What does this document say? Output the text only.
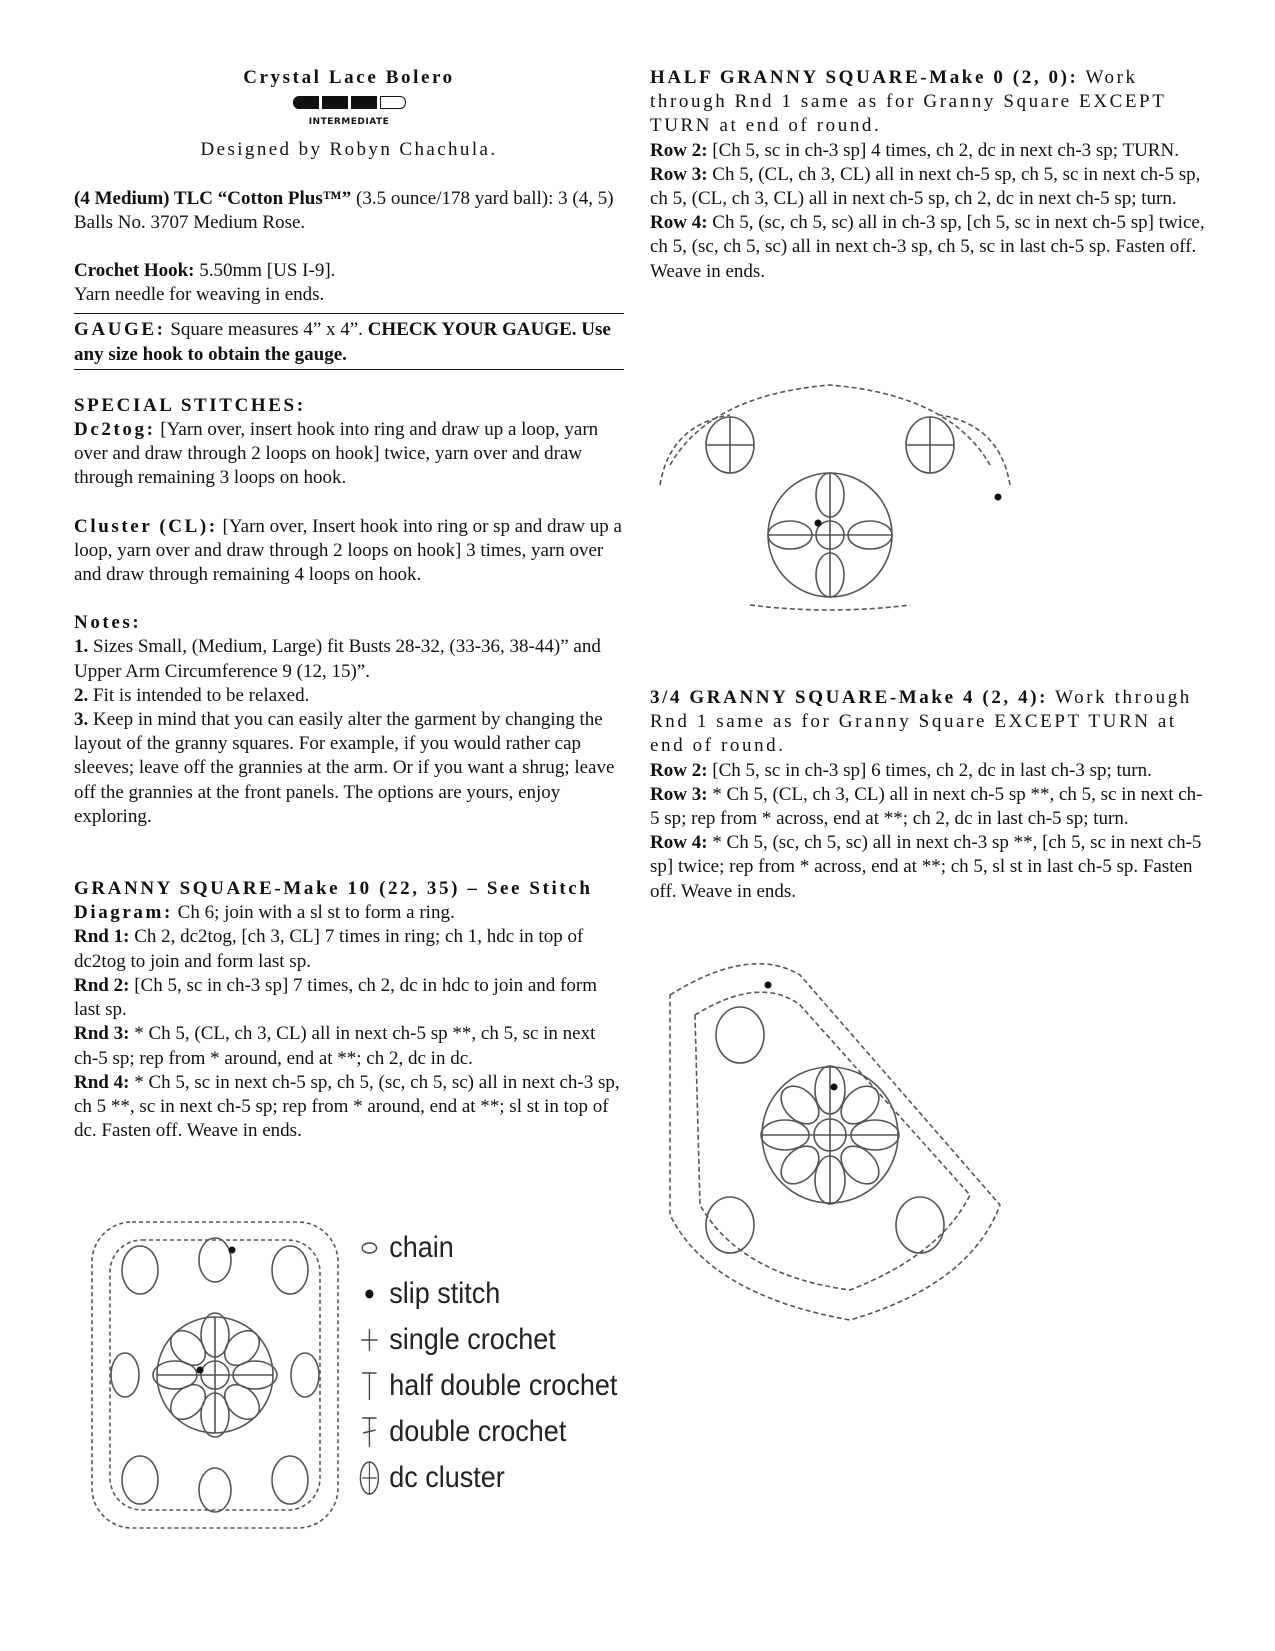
Crystal Lace Bolero
INTERMEDIATE
Designed by Robyn Chachula.

(4 Medium) TLC “Cotton Plus™” (3.5 ounce/178 yard ball): 3 (4, 5) Balls No. 3707 Medium Rose.

Crochet Hook: 5.50mm [US I-9].

Yarn needle for weaving in ends.

GAUGE: Square measures 4” x 4”. CHECK YOUR GAUGE. Use any size hook to obtain the gauge.

SPECIAL STITCHES:

Dc2tog: [Yarn over, insert hook into ring and draw up a loop, yarn over and draw through 2 loops on hook] twice, yarn over and draw through remaining 3 loops on hook.

Cluster (CL): [Yarn over, Insert hook into ring or sp and draw up a loop, yarn over and draw through 2 loops on hook] 3 times, yarn over and draw through remaining 4 loops on hook.

Notes:

1. Sizes Small, (Medium, Large) fit Busts 28-32, (33-36, 38-44)” and Upper Arm Circumference 9 (12, 15)”.

2. Fit is intended to be relaxed.

3. Keep in mind that you can easily alter the garment by changing the layout of the granny squares. For example, if you would rather cap sleeves; leave off the grannies at the arm. Or if you want a shrug; leave off the grannies at the front panels. The options are yours, enjoy exploring.

GRANNY SQUARE-Make 10 (22, 35) – See Stitch Diagram: Ch 6; join with a sl st to form a ring.

Rnd 1: Ch 2, dc2tog, [ch 3, CL] 7 times in ring; ch 1, hdc in top of dc2tog to join and form last sp.

Rnd 2: [Ch 5, sc in ch-3 sp] 7 times, ch 2, dc in hdc to join and form last sp.

Rnd 3: * Ch 5, (CL, ch 3, CL) all in next ch-5 sp **, ch 5, sc in next ch-5 sp; rep from * around, end at **; ch 2, dc in dc.

Rnd 4: * Ch 5, sc in next ch-5 sp, ch 5, (sc, ch 5, sc) all in next ch-3 sp, ch 5 **, sc in next ch-5 sp; rep from * around, end at **; sl st in top of dc. Fasten off. Weave in ends.

HALF GRANNY SQUARE-Make 0 (2, 0): Work through Rnd 1 same as for Granny Square EXCEPT TURN at end of round.

Row 2: [Ch 5, sc in ch-3 sp] 4 times, ch 2, dc in next ch-3 sp; TURN.

Row 3: Ch 5, (CL, ch 3, CL) all in next ch-5 sp, ch 5, sc in next ch-5 sp, ch 5, (CL, ch 3, CL) all in next ch-5 sp, ch 2, dc in next ch-5 sp; turn.

Row 4: Ch 5, (sc, ch 5, sc) all in ch-3 sp, [ch 5, sc in next ch-5 sp] twice, ch 5, (sc, ch 5, sc) all in next ch-3 sp, ch 5, sc in last ch-5 sp. Fasten off. Weave in ends.

3/4 GRANNY SQUARE-Make 4 (2, 4): Work through Rnd 1 same as for Granny Square EXCEPT TURN at end of round.

Row 2: [Ch 5, sc in ch-3 sp] 6 times, ch 2, dc in last ch-3 sp; turn.

Row 3: * Ch 5, (CL, ch 3, CL) all in next ch-5 sp **, ch 5, sc in next ch-5 sp; rep from * across, end at **; ch 2, dc in last ch-5 sp; turn.

Row 4: * Ch 5, (sc, ch 5, sc) all in next ch-3 sp **, [ch 5, sc in next ch-5 sp] twice; rep from * across, end at **; ch 5, sl st in last ch-5 sp. Fasten off. Weave in ends.

chain
slip stitch
single crochet
half double crochet
double crochet
dc cluster
